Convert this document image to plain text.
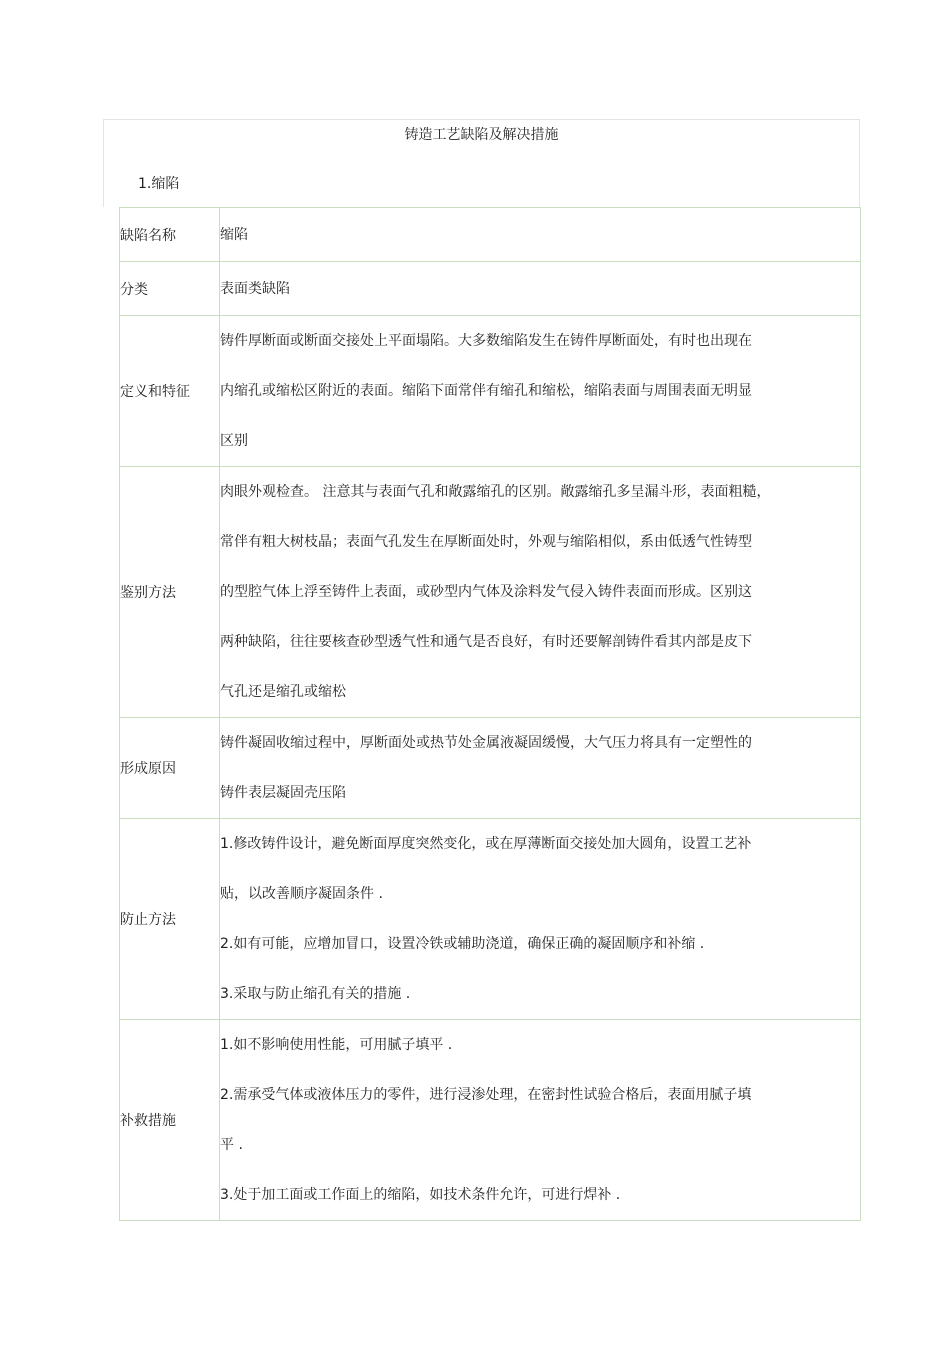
铸造工艺缺陷及解决措施
1.缩陷
缺陷名称	缩陷

分类	表面类缺陷

定义和特征	铸件厚断面或断面交接处上平面塌陷。大多数缩陷发生在铸件厚断面处，有时也出现在
内缩孔或缩松区附近的表面。缩陷下面常伴有缩孔和缩松，缩陷表面与周围表面无明显
区别

鉴别方法	肉眼外观检查。 注意其与表面气孔和敞露缩孔的区别。敞露缩孔多呈漏斗形，表面粗糙，
常伴有粗大树枝晶；表面气孔发生在厚断面处时，外观与缩陷相似，系由低透气性铸型
的型腔气体上浮至铸件上表面，或砂型内气体及涂料发气侵入铸件表面而形成。区别这
两种缺陷，往往要核查砂型透气性和通气是否良好，有时还要解剖铸件看其内部是皮下
气孔还是缩孔或缩松

形成原因	铸件凝固收缩过程中，厚断面处或热节处金属液凝固缓慢，大气压力将具有一定塑性的
铸件表层凝固壳压陷

防止方法	1.修改铸件设计，避免断面厚度突然变化，或在厚薄断面交接处加大圆角，设置工艺补
贴，以改善顺序凝固条件 .
2.如有可能，应增加冒口，设置冷铁或辅助浇道，确保正确的凝固顺序和补缩 .
3.采取与防止缩孔有关的措施 .

补救措施	1.如不影响使用性能，可用腻子填平 .
2.需承受气体或液体压力的零件，进行浸渗处理，在密封性试验合格后，表面用腻子填
平 .
3.处于加工面或工作面上的缩陷，如技术条件允许，可进行焊补 .
